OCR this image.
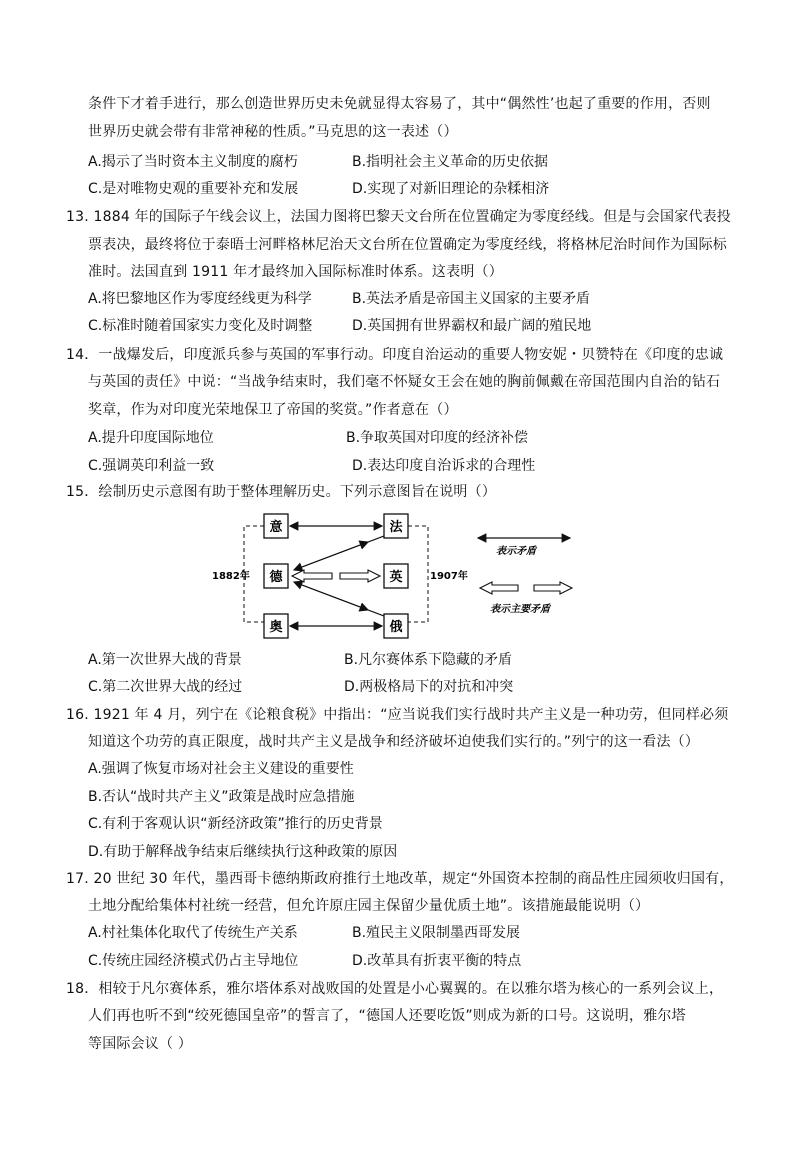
条件下才着手进行，那么创造世界历史未免就显得太容易了，其中“偶然性’也起了重要的作用，否则
世界历史就会带有非常神秘的性质。”马克思的这一表述（）
A.揭示了当时资本主义制度的腐朽	B.指明社会主义革命的历史依据
C.是对唯物史观的重要补充和发展	D.实现了对新旧理论的杂糅相济
13. 1884 年的国际子午线会议上，法国力图将巴黎天文台所在位置确定为零度经线。但是与会国家代表投
票表决，最终将位于泰晤士河畔格林尼治天文台所在位置确定为零度经线，将格林尼治时间作为国际标
准时。法国直到 1911 年才最终加入国际标准时体系。这表明（）
A.将巴黎地区作为零度经线更为科学	B.英法矛盾是帝国主义国家的主要矛盾
C.标准时随着国家实力变化及时调整	D.英国拥有世界霸权和最广阔的殖民地
14．一战爆发后，印度派兵参与英国的军事行动。印度自治运动的重要人物安妮・贝赞特在《印度的忠诚
与英国的责任》中说：“当战争结束时，我们毫不怀疑女王会在她的胸前佩戴在帝国范围内自治的钻石
奖章，作为对印度光荣地保卫了帝国的奖赏。”作者意在（）
A.提升印度国际地位	B.争取英国对印度的经济补偿
C.强调英印利益一致	D.表达印度自治诉求的合理性
15．绘制历史示意图有助于整体理解历史。下列示意图旨在说明（）
1882年	1907年
意
德
奥
法
英
俄
表示矛盾
表示主要矛盾
A.第一次世界大战的背景	B.凡尔赛体系下隐藏的矛盾
C.第二次世界大战的经过	D.两极格局下的对抗和冲突
16. 1921 年 4 月，列宁在《论粮食税》中指出：“应当说我们实行战时共产主义是一种功劳，但同样必须
知道这个功劳的真正限度，战时共产主义是战争和经济破坏迫使我们实行的。”列宁的这一看法（）
A.强调了恢复市场对社会主义建设的重要性
B.否认“战时共产主义”政策是战时应急措施
C.有利于客观认识“新经济政策”推行的历史背景
D.有助于解释战争结束后继续执行这种政策的原因
17. 20 世纪 30 年代，墨西哥卡德纳斯政府推行土地改革，规定“外国资本控制的商品性庄园须收归国有，
土地分配给集体村社统一经营，但允许原庄园主保留少量优质土地”。该措施最能说明（）
A.村社集体化取代了传统生产关系	B.殖民主义限制墨西哥发展
C.传统庄园经济模式仍占主导地位	D.改革具有折衷平衡的特点
18．相较于凡尔赛体系，雅尔塔体系对战败国的处置是小心翼翼的。在以雅尔塔为核心的一系列会议上，
人们再也听不到“绞死德国皇帝”的誓言了，“德国人还要吃饭”则成为新的口号。这说明，雅尔塔
等国际会议（ ）
